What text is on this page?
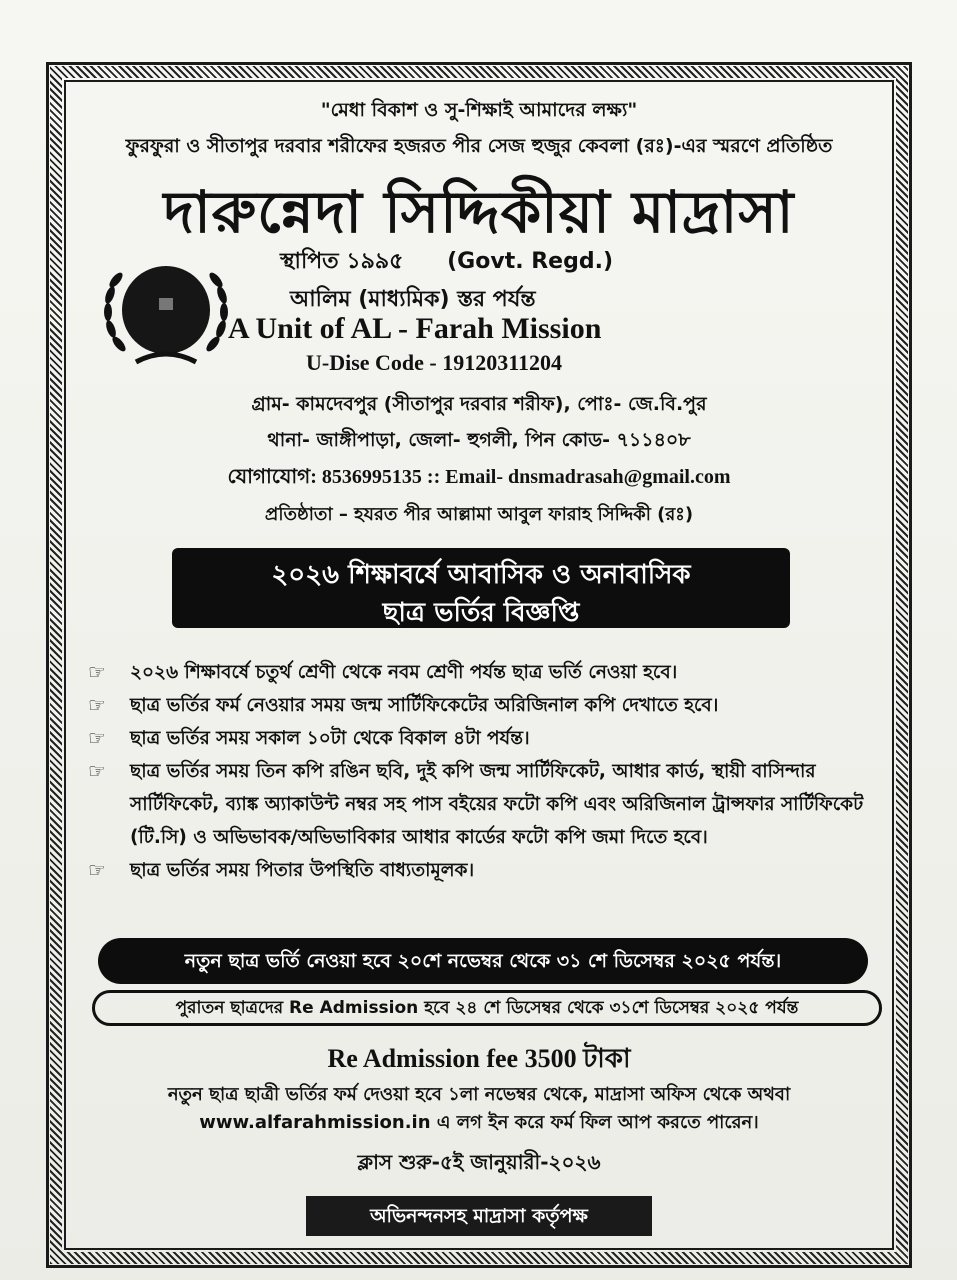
"মেধা বিকাশ ও সু-শিক্ষাই আমাদের লক্ষ্য"
ফুরফুরা ও সীতাপুর দরবার শরীফের হজরত পীর সেজ হুজুর কেবলা (রঃ)-এর স্মরণে প্রতিষ্ঠিত
দারুন্নেদা সিদ্দিকীয়া মাদ্রাসা
স্থাপিত ১৯৯৫ (Govt. Regd.)
আলিম (মাধ্যমিক) স্তর পর্যন্ত
A Unit of AL - Farah Mission
U-Dise Code - 19120311204
গ্রাম- কামদেবপুর (সীতাপুর দরবার শরীফ), পোঃ- জে.বি.পুর
থানা- জাঙ্গীপাড়া, জেলা- হুগলী, পিন কোড- ৭১১৪০৮
যোগাযোগ: 8536995135 :: Email- dnsmadrasah@gmail.com
প্রতিষ্ঠাতা – হযরত পীর আল্লামা আবুল ফারাহ সিদ্দিকী (রঃ)
২০২৬ শিক্ষাবর্ষে আবাসিক ও অনাবাসিক
ছাত্র ভর্তির বিজ্ঞপ্তি
☞ ২০২৬ শিক্ষাবর্ষে চতুর্থ শ্রেণী থেকে নবম শ্রেণী পর্যন্ত ছাত্র ভর্তি নেওয়া হবে।
☞ ছাত্র ভর্তির ফর্ম নেওয়ার সময় জন্ম সার্টিফিকেটের অরিজিনাল কপি দেখাতে হবে।
☞ ছাত্র ভর্তির সময় সকাল ১০টা থেকে বিকাল ৪টা পর্যন্ত।
☞ ছাত্র ভর্তির সময় তিন কপি রঙিন ছবি, দুই কপি জন্ম সার্টিফিকেট, আধার কার্ড, স্থায়ী বাসিন্দার সার্টিফিকেট, ব্যাঙ্ক অ্যাকাউন্ট নম্বর সহ পাস বইয়ের ফটো কপি এবং অরিজিনাল ট্রান্সফার সার্টিফিকেট (টি.সি) ও অভিভাবক/অভিভাবিকার আধার কার্ডের ফটো কপি জমা দিতে হবে।
☞ ছাত্র ভর্তির সময় পিতার উপস্থিতি বাধ্যতামূলক।
নতুন ছাত্র ভর্তি নেওয়া হবে ২০শে নভেম্বর থেকে ৩১ শে ডিসেম্বর ২০২৫ পর্যন্ত।
পুরাতন ছাত্রদের Re Admission হবে ২৪ শে ডিসেম্বর থেকে ৩১শে ডিসেম্বর ২০২৫ পর্যন্ত
Re Admission fee 3500 টাকা
নতুন ছাত্র ছাত্রী ভর্তির ফর্ম দেওয়া হবে ১লা নভেম্বর থেকে, মাদ্রাসা অফিস থেকে অথবা
www.alfarahmission.in এ লগ ইন করে ফর্ম ফিল আপ করতে পারেন।
ক্লাস শুরু-৫ই জানুয়ারী-২০২৬
অভিনন্দনসহ মাদ্রাসা কর্তৃপক্ষ
